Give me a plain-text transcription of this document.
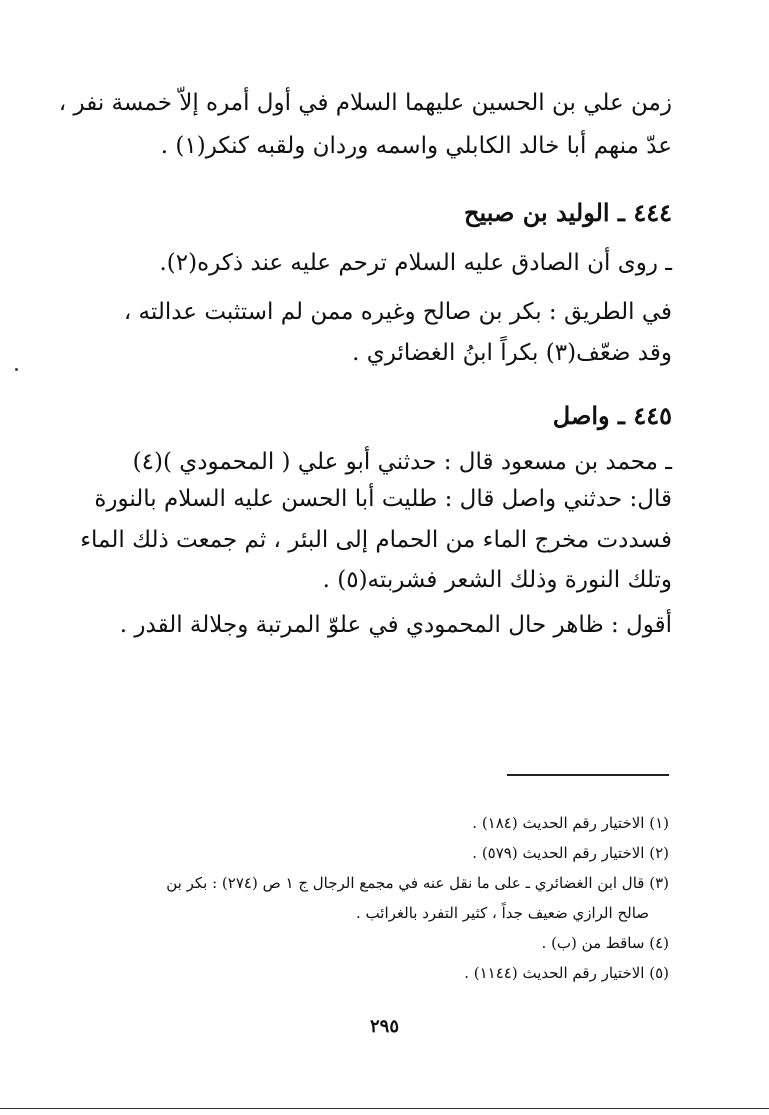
زمن علي بن الحسين عليهما السلام في أول أمره إلاّ خمسة نفر ،
عدّ منهم أبا خالد الكابلي واسمه وردان ولقبه كنكر(١) .
٤٤٤ ـ الوليد بن صبيح
ـ روى أن الصادق عليه السلام ترحم عليه عند ذكره(٢).
في الطريق : بكر بن صالح وغيره ممن لم استثبت عدالته ،
وقد ضعّف(٣) بكراً ابنُ الغضائري .
٤٤٥ ـ واصل
ـ محمد بن مسعود قال : حدثني أبو علي ( المحمودي )(٤)
قال: حدثني واصل قال : طليت أبا الحسن عليه السلام بالنورة
فسددت مخرج الماء من الحمام إلى البئر ، ثم جمعت ذلك الماء
وتلك النورة وذلك الشعر فشربته(٥) .
أقول : ظاهر حال المحمودي في علوّ المرتبة وجلالة القدر .
(١) الاختيار رقم الحديث (١٨٤) .
(٢) الاختيار رقم الحديث (٥٧٩) .
(٣) قال ابن الغضائري ـ على ما نقل عنه في مجمع الرجال ج ١ ص (٢٧٤) : بكر بن
صالح الرازي ضعيف جداً ، كثير التفرد بالغرائب .
(٤) ساقط من (ب) .
(٥) الاختيار رقم الحديث (١١٤٤) .
٢٩٥
